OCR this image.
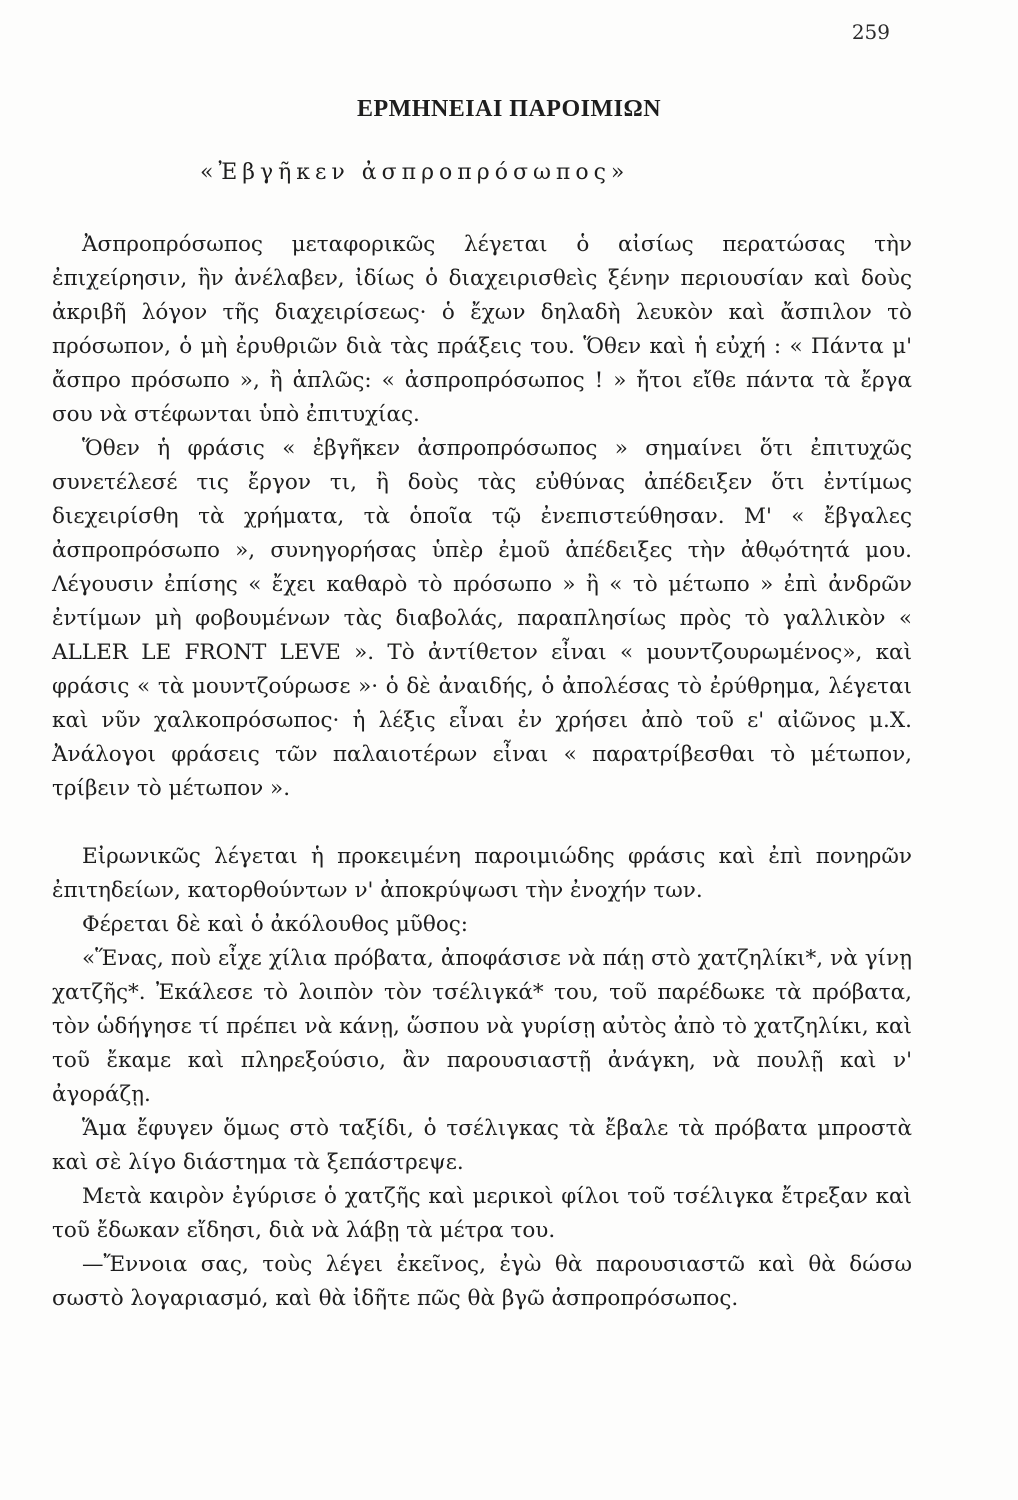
259
ΕΡΜΗΝΕΙΑΙ ΠΑΡΟΙΜΙΩΝ
«Ἐβγῆκεν ἀσπροπρόσωπος»

Ἀσπροπρόσωπος μεταφορικῶς λέγεται ὁ αἰσίως περατώσας τὴν ἐπιχείρησιν, ἣν ἀνέλαβεν, ἰδίως ὁ διαχειρισθεὶς ξένην περιουσίαν καὶ δοὺς ἀκριβῆ λόγον τῆς διαχειρίσεως· ὁ ἔχων δηλαδὴ λευκὸν καὶ ἄσπιλον τὸ πρόσωπον, ὁ μὴ ἐρυθριῶν διὰ τὰς πράξεις του. Ὅθεν καὶ ἡ εὐχή : « Πάντα μ' ἄσπρο πρόσωπο », ἢ ἁπλῶς: « ἀσπροπρόσωπος ! » ἤτοι εἴθε πάντα τὰ ἔργα σου νὰ στέφωνται ὑπὸ ἐπιτυχίας.

Ὅθεν ἡ φράσις « ἐβγῆκεν ἀσπροπρόσωπος » σημαίνει ὅτι ἐπιτυχῶς συνετέλεσέ τις ἔργον τι, ἢ δοὺς τὰς εὐθύνας ἀπέδειξεν ὅτι ἐντίμως διεχειρίσθη τὰ χρήματα, τὰ ὁποῖα τῷ ἐνεπιστεύθησαν. Μ' « ἔβγαλες ἀσπροπρόσωπο », συνηγορήσας ὑπὲρ ἐμοῦ ἀπέδειξες τὴν ἀθῳότητά μου. Λέγουσιν ἐπίσης « ἔχει καθαρὸ τὸ πρόσωπο » ἢ « τὸ μέτωπο » ἐπὶ ἀνδρῶν ἐντίμων μὴ φοβουμένων τὰς διαβολάς, παραπλησίως πρὸς τὸ γαλλικὸν « ALLER LE FRONT LEVE ». Τὸ ἀντίθετον εἶναι « μουντζουρωμένος», καὶ φράσις « τὰ μουντζούρωσε »· ὁ δὲ ἀναιδής, ὁ ἀπολέσας τὸ ἐρύθρημα, λέγεται καὶ νῦν χαλκοπρόσωπος· ἡ λέξις εἶναι ἐν χρήσει ἀπὸ τοῦ ε' αἰῶνος μ.Χ. Ἀνάλογοι φράσεις τῶν παλαιοτέρων εἶναι « παρατρίβεσθαι τὸ μέτωπον, τρίβειν τὸ μέτωπον ».

Εἰρωνικῶς λέγεται ἡ προκειμένη παροιμιώδης φράσις καὶ ἐπὶ πονηρῶν ἐπιτηδείων, κατορθούντων ν' ἀποκρύψωσι τὴν ἐνοχήν των.

Φέρεται δὲ καὶ ὁ ἀκόλουθος μῦθος:

«Ἕνας, ποὺ εἶχε χίλια πρόβατα, ἀποφάσισε νὰ πάῃ στὸ χατζηλίκι*, νὰ γίνῃ χατζῆς*. Ἐκάλεσε τὸ λοιπὸν τὸν τσέλιγκά* του, τοῦ παρέδωκε τὰ πρόβατα, τὸν ὡδήγησε τί πρέπει νὰ κάνῃ, ὥσπου νὰ γυρίσῃ αὐτὸς ἀπὸ τὸ χατζηλίκι, καὶ τοῦ ἔκαμε καὶ πληρεξούσιο, ἂν παρουσιαστῇ ἀνάγκη, νὰ πουλῇ καὶ ν' ἀγοράζῃ.

Ἅμα ἔφυγεν ὅμως στὸ ταξίδι, ὁ τσέλιγκας τὰ ἔβαλε τὰ πρόβατα μπροστὰ καὶ σὲ λίγο διάστημα τὰ ξεπάστρεψε.

Μετὰ καιρὸν ἐγύρισε ὁ χατζῆς καὶ μερικοὶ φίλοι τοῦ τσέλιγκα ἔτρεξαν καὶ τοῦ ἔδωκαν εἴδησι, διὰ νὰ λάβῃ τὰ μέτρα του.

—Ἔννοια σας, τοὺς λέγει ἐκεῖνος, ἐγὼ θὰ παρουσιαστῶ καὶ θὰ δώσω σωστὸ λογαριασμό, καὶ θὰ ἰδῆτε πῶς θὰ βγῶ ἀσπροπρόσωπος.
